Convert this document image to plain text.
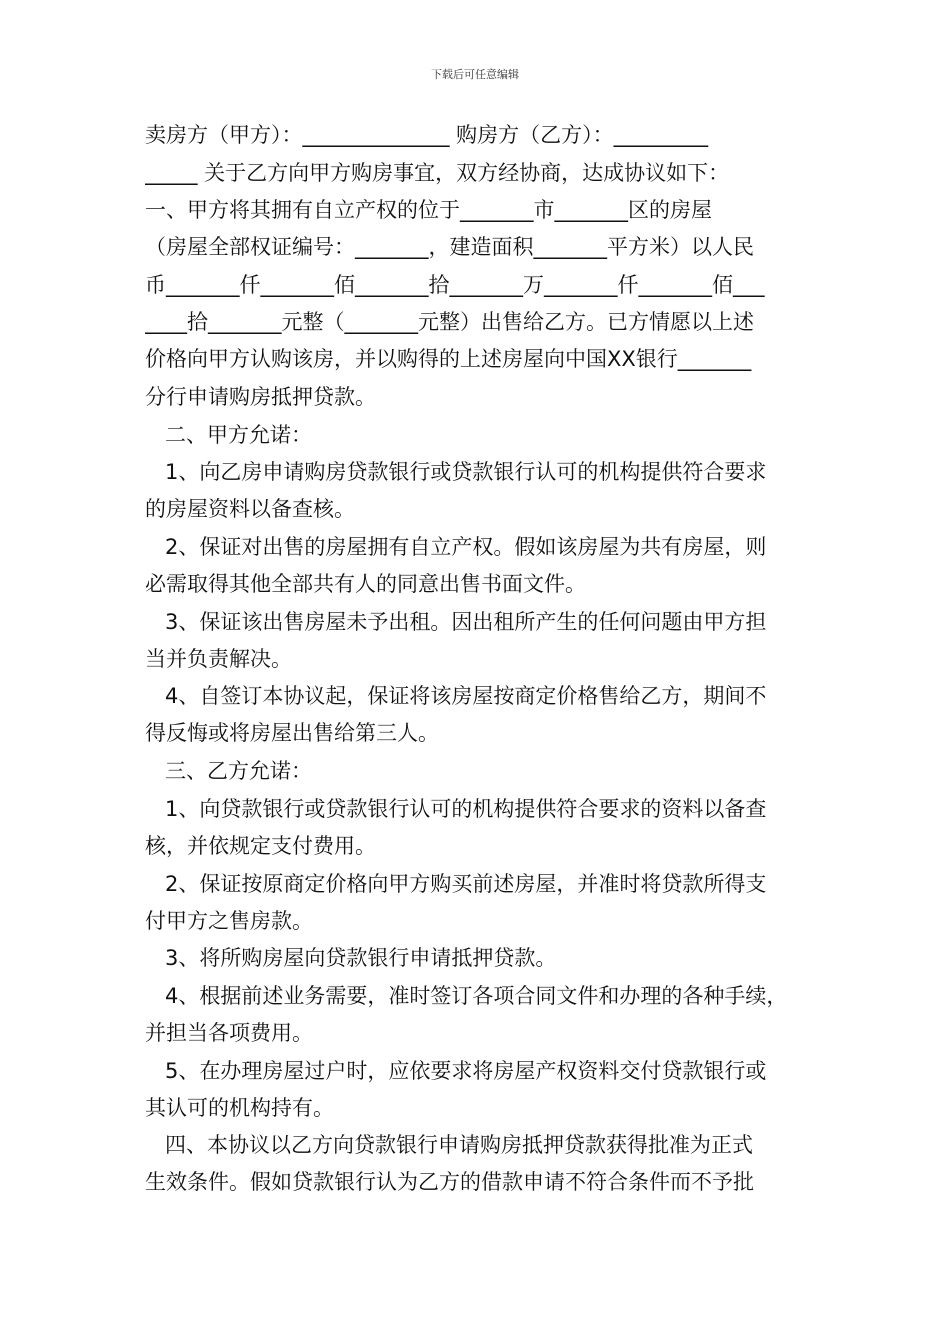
下载后可任意编辑
卖房方（甲方）：______________ 购房方（乙方）：_________
_____ 关于乙方向甲方购房事宜，双方经协商，达成协议如下：
一、甲方将其拥有自立产权的位于_______市_______区的房屋
（房屋全部权证编号：_______，建造面积_______平方米）以人民
币_______仟_______佰_______拾_______万_______仟_______佰___
____拾_______元整（_______元整）出售给乙方。已方情愿以上述
价格向甲方认购该房，并以购得的上述房屋向中国XX银行_______
分行申请购房抵押贷款。
二、甲方允诺：
1、向乙房申请购房贷款银行或贷款银行认可的机构提供符合要求
的房屋资料以备查核。
2、保证对出售的房屋拥有自立产权。假如该房屋为共有房屋，则
必需取得其他全部共有人的同意出售书面文件。
3、保证该出售房屋未予出租。因出租所产生的任何问题由甲方担
当并负责解决。
4、自签订本协议起，保证将该房屋按商定价格售给乙方，期间不
得反悔或将房屋出售给第三人。
三、乙方允诺：
1、向贷款银行或贷款银行认可的机构提供符合要求的资料以备查
核，并依规定支付费用。
2、保证按原商定价格向甲方购买前述房屋，并准时将贷款所得支
付甲方之售房款。
3、将所购房屋向贷款银行申请抵押贷款。
4、根据前述业务需要，准时签订各项合同文件和办理的各种手续，
并担当各项费用。
5、在办理房屋过户时，应依要求将房屋产权资料交付贷款银行或
其认可的机构持有。
四、本协议以乙方向贷款银行申请购房抵押贷款获得批准为正式
生效条件。假如贷款银行认为乙方的借款申请不符合条件而不予批
